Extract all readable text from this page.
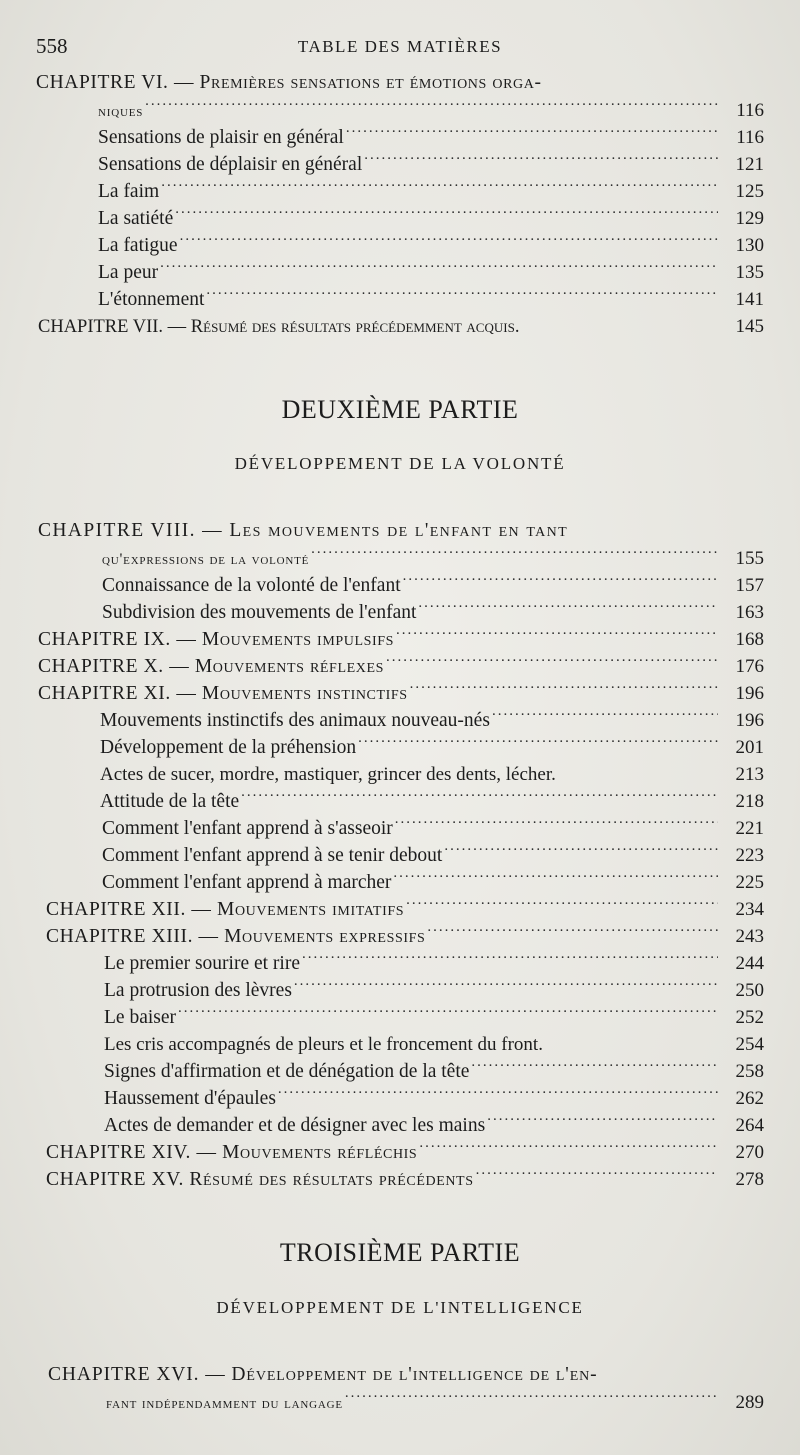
558	TABLE DES MATIÈRES
CHAPITRE VI. — Premières sensations et émotions orga-
niques .....	116
Sensations de plaisir en général .....	116
Sensations de déplaisir en général .....	121
La faim .....	125
La satiété .....	129
La fatigue .....	130
La peur .....	135
L'étonnement .....	141
CHAPITRE VII. — Résumé des résultats précédemment acquis.	145
DEUXIÈME PARTIE
DÉVELOPPEMENT DE LA VOLONTÉ
CHAPITRE VIII. — Les mouvements de l'enfant en tant
qu'expressions de la volonté .....	155
Connaissance de la volonté de l'enfant .....	157
Subdivision des mouvements de l'enfant .....	163
CHAPITRE IX. — Mouvements impulsifs .....	168
CHAPITRE X. — Mouvements réflexes .....	176
CHAPITRE XI. — Mouvements instinctifs .....	196
Mouvements instinctifs des animaux nouveau-nés .....	196
Développement de la préhension .....	201
Actes de sucer, mordre, mastiquer, grincer des dents, lécher.	213
Attitude de la tête .....	218
Comment l'enfant apprend à s'asseoir .....	221
Comment l'enfant apprend à se tenir debout .....	223
Comment l'enfant apprend à marcher .....	225
CHAPITRE XII. — Mouvements imitatifs .....	234
CHAPITRE XIII. — Mouvements expressifs .....	243
Le premier sourire et rire .....	244
La protrusion des lèvres .....	250
Le baiser .....	252
Les cris accompagnés de pleurs et le froncement du front.	254
Signes d'affirmation et de dénégation de la tête .....	258
Haussement d'épaules .....	262
Actes de demander et de désigner avec les mains .....	264
CHAPITRE XIV. — Mouvements réfléchis .....	270
CHAPITRE XV. Résumé des résultats précédents .....	278
TROISIÈME PARTIE
DÉVELOPPEMENT DE L'INTELLIGENCE
CHAPITRE XVI. — Développement de l'intelligence de l'en-
fant indépendamment du langage .....	289
